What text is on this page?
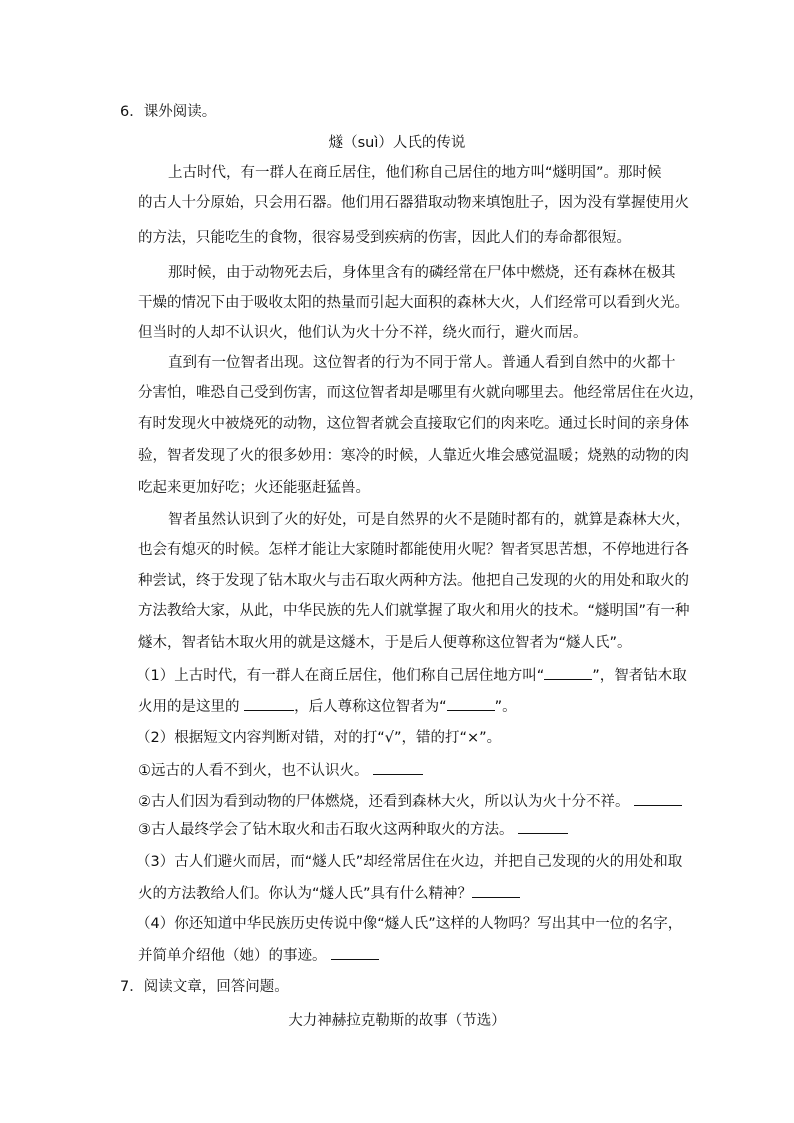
6．课外阅读。
燧（suì）人氏的传说
上古时代，有一群人在商丘居住，他们称自己居住的地方叫“燧明国”。那时候
的古人十分原始，只会用石器。他们用石器猎取动物来填饱肚子，因为没有掌握使用火
的方法，只能吃生的食物，很容易受到疾病的伤害，因此人们的寿命都很短。
那时候，由于动物死去后，身体里含有的磷经常在尸体中燃烧，还有森林在极其
干燥的情况下由于吸收太阳的热量而引起大面积的森林大火，人们经常可以看到火光。
但当时的人却不认识火，他们认为火十分不祥，绕火而行，避火而居。
直到有一位智者出现。这位智者的行为不同于常人。普通人看到自然中的火都十
分害怕，唯恐自己受到伤害，而这位智者却是哪里有火就向哪里去。他经常居住在火边，
有时发现火中被烧死的动物，这位智者就会直接取它们的肉来吃。通过长时间的亲身体
验，智者发现了火的很多妙用：寒冷的时候，人靠近火堆会感觉温暖；烧熟的动物的肉
吃起来更加好吃；火还能驱赶猛兽。
智者虽然认识到了火的好处，可是自然界的火不是随时都有的，就算是森林大火，
也会有熄灭的时候。怎样才能让大家随时都能使用火呢？智者冥思苦想，不停地进行各
种尝试，终于发现了钻木取火与击石取火两种方法。他把自己发现的火的用处和取火的
方法教给大家，从此，中华民族的先人们就掌握了取火和用火的技术。“燧明国”有一种
燧木，智者钻木取火用的就是这燧木，于是后人便尊称这位智者为“燧人氏”。
（1）上古时代，有一群人在商丘居住，他们称自己居住地方叫“	”，智者钻木取
火用的是这里的	，后人尊称这位智者为“	”。
（2）根据短文内容判断对错，对的打“√”，错的打“×”。
①远古的人看不到火，也不认识火。
②古人们因为看到动物的尸体燃烧，还看到森林大火，所以认为火十分不祥。
③古人最终学会了钻木取火和击石取火这两种取火的方法。
（3）古人们避火而居，而“燧人氏”却经常居住在火边，并把自己发现的火的用处和取
火的方法教给人们。你认为“燧人氏”具有什么精神？
（4）你还知道中华民族历史传说中像“燧人氏”这样的人物吗？写出其中一位的名字，
并简单介绍他（她）的事迹。
7．阅读文章，回答问题。
大力神赫拉克勒斯的故事（节选）
